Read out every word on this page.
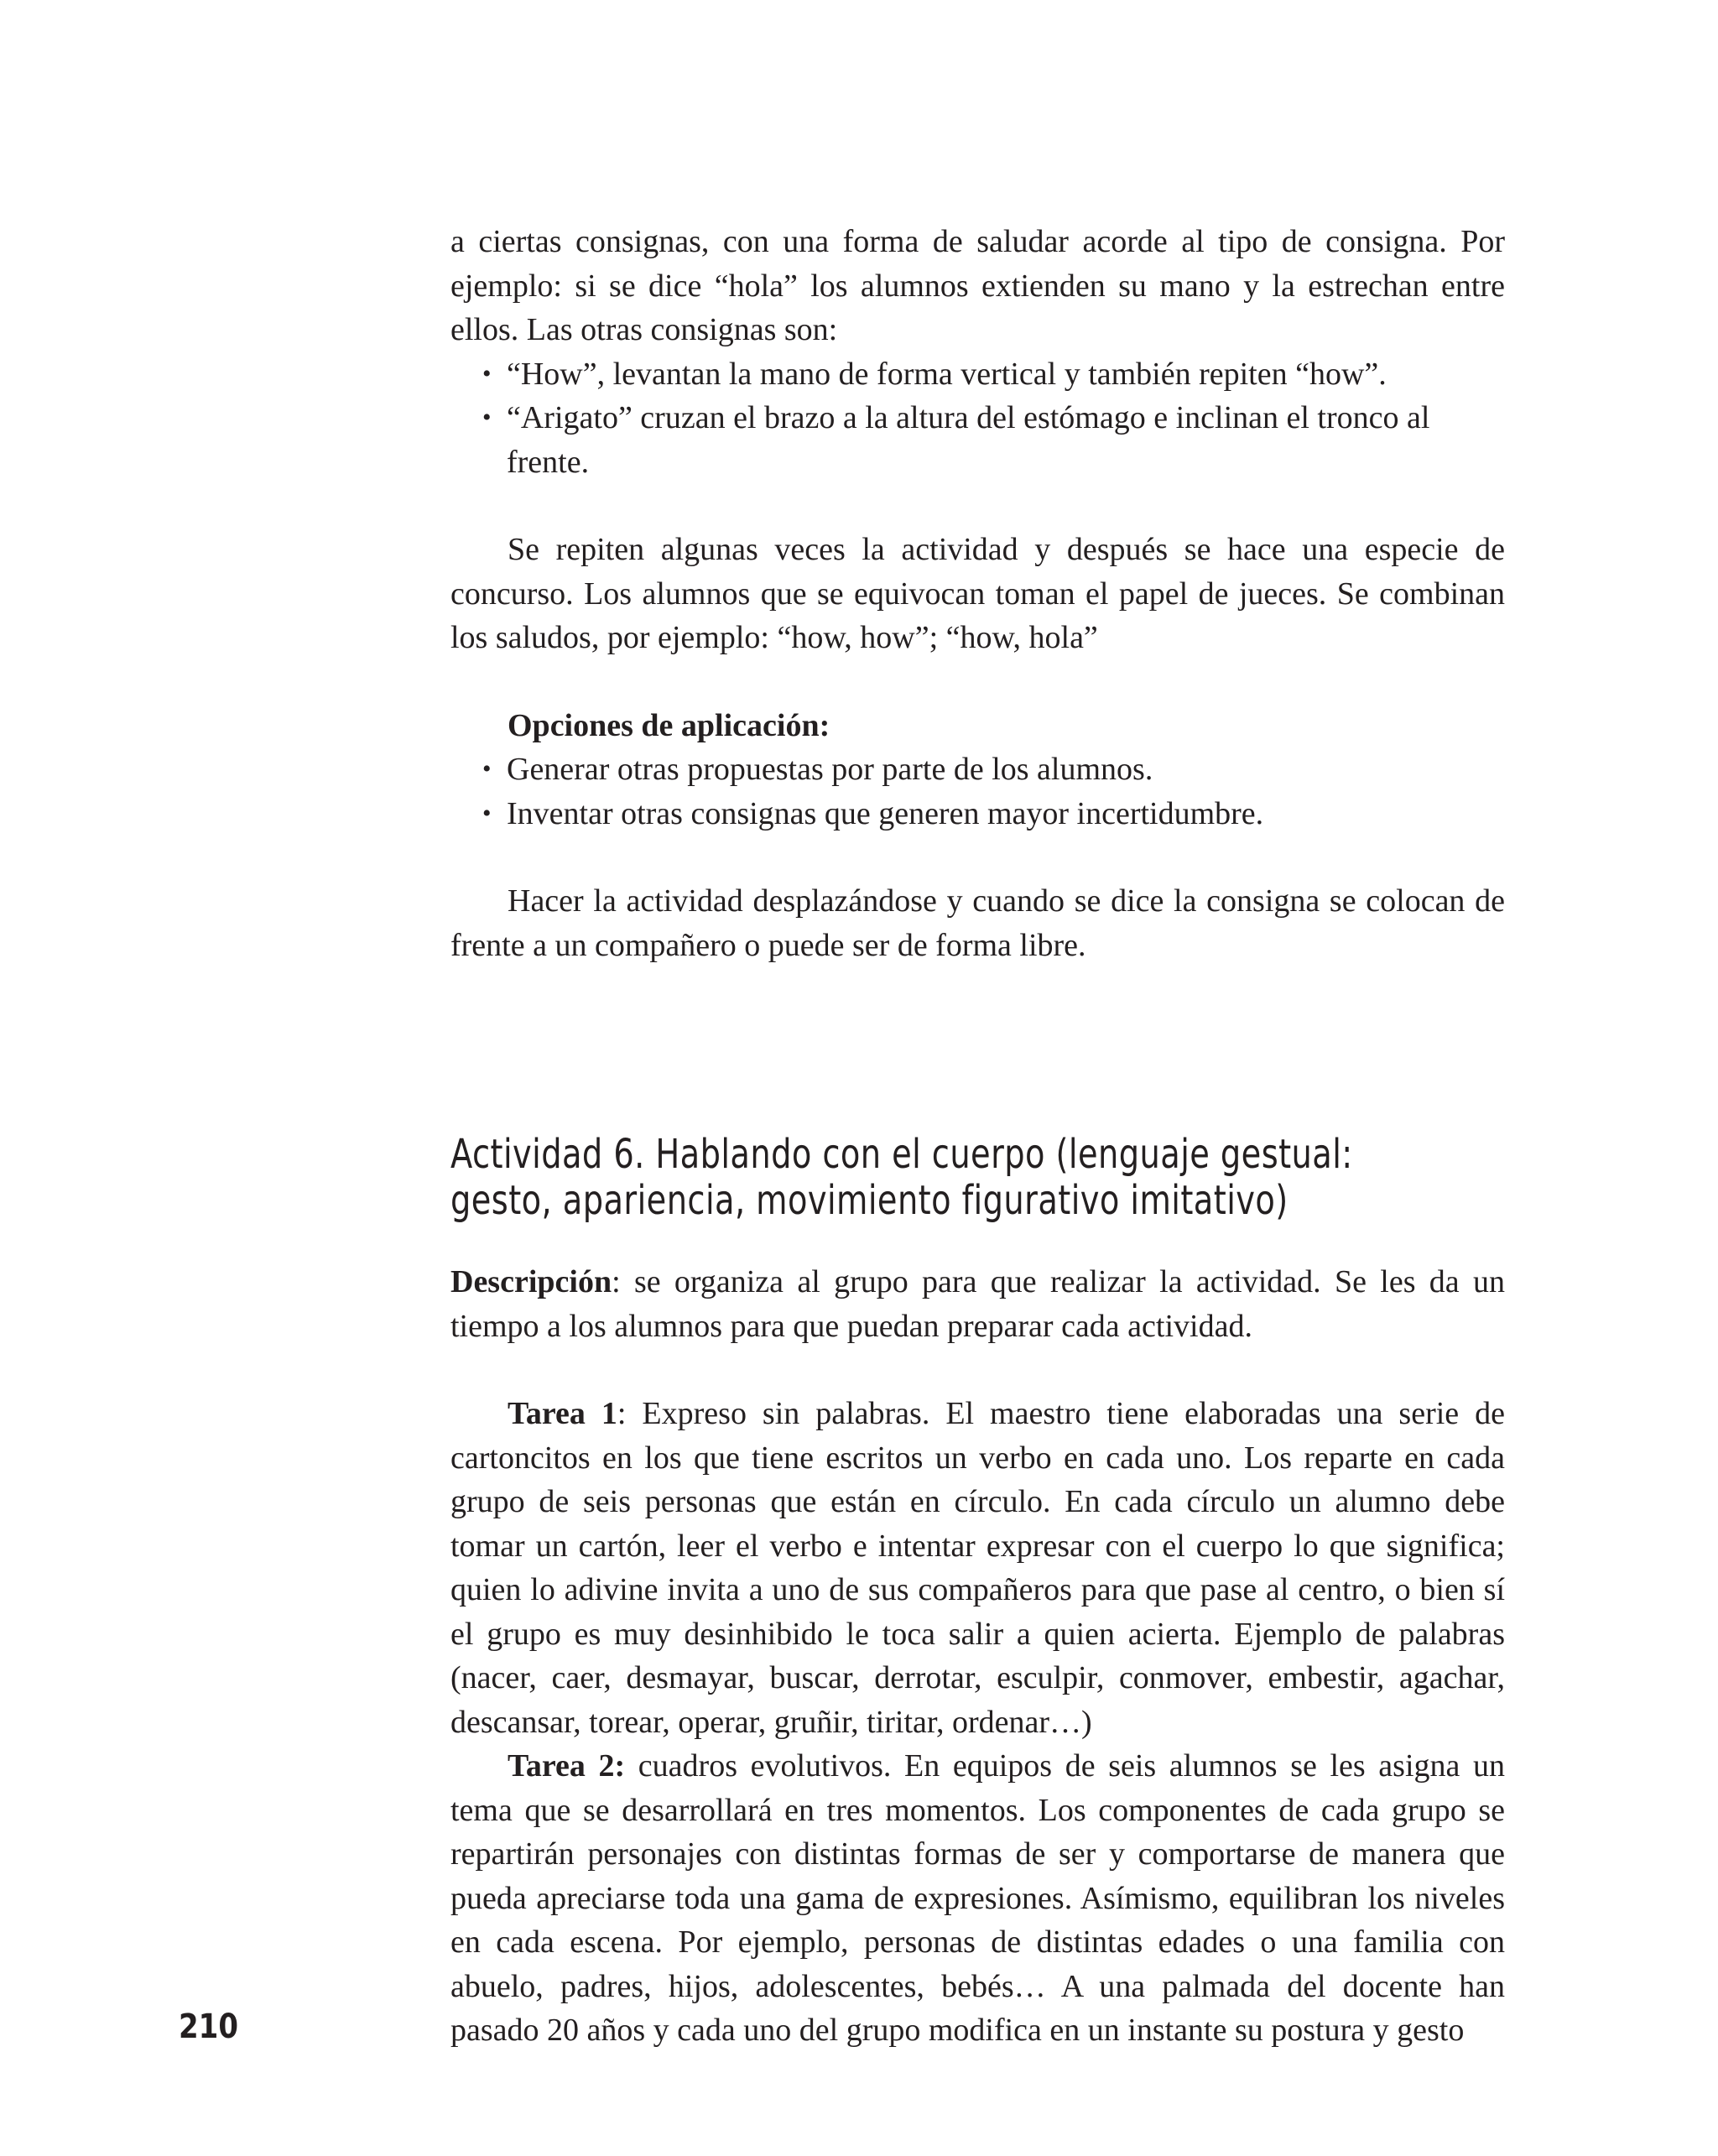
a ciertas consignas, con una forma de saludar acorde al tipo de consigna. Por ejemplo: si se dice “hola” los alumnos extienden su mano y la estrechan entre ellos. Las otras consignas son:

• “How”, levantan la mano de forma vertical y también repiten “how”.
• “Arigato” cruzan el brazo a la altura del estómago e inclinan el tronco al frente.

Se repiten algunas veces la actividad y después se hace una especie de concurso. Los alumnos que se equivocan toman el papel de jueces. Se combinan los saludos, por ejemplo: “how, how”; “how, hola”

Opciones de aplicación:

• Generar otras propuestas por parte de los alumnos.
• Inventar otras consignas que generen mayor incertidumbre.

Hacer la actividad desplazándose y cuando se dice la consigna se colocan de frente a un compañero o puede ser de forma libre.

Actividad 6. Hablando con el cuerpo (lenguaje gestual:
gesto, apariencia, movimiento figurativo imitativo)

Descripción: se organiza al grupo para que realizar la actividad. Se les da un tiempo a los alumnos para que puedan preparar cada actividad.

Tarea 1: Expreso sin palabras. El maestro tiene elaboradas una serie de cartoncitos en los que tiene escritos un verbo en cada uno. Los reparte en cada grupo de seis personas que están en círculo. En cada círculo un alumno debe tomar un cartón, leer el verbo e intentar expresar con el cuerpo lo que significa; quien lo adivine invita a uno de sus compañeros para que pase al centro, o bien sí el grupo es muy desinhibido le toca salir a quien acierta. Ejemplo de palabras (nacer, caer, desmayar, buscar, derrotar, esculpir, conmover, embestir, agachar, descansar, torear, operar, gruñir, tiritar, ordenar…)

Tarea 2: cuadros evolutivos. En equipos de seis alumnos se les asigna un tema que se desarrollará en tres momentos. Los componentes de cada grupo se repartirán personajes con distintas formas de ser y comportarse de manera que pueda apreciarse toda una gama de expresiones. Asímismo, equilibran los niveles en cada escena. Por ejemplo, personas de distintas edades o una familia con abuelo, padres, hijos, adolescentes, bebés… A una palmada del docente han pasado 20 años y cada uno del grupo modifica en un instante su postura y gesto

210
